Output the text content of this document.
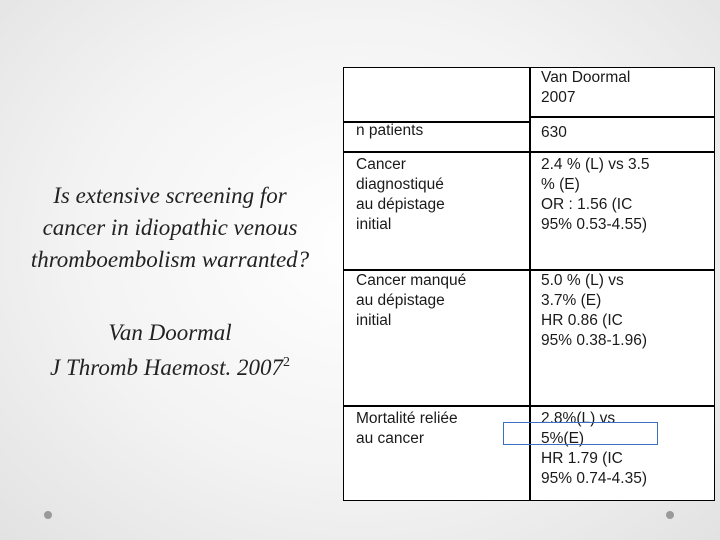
Is extensive screening for
cancer in idiopathic venous
thromboembolism warranted?
Van Doormal
J Thromb Haemost. 2007$^2$
Van Doormal
2007
n patients	630
Cancer
diagnostiqué
au dépistage
initial
2.4 % (L) vs 3.5
% (E)
OR : 1.56 (IC
95% 0.53-4.55)
Cancer manqué
au dépistage
initial
5.0 % (L) vs
3.7% (E)
HR 0.86 (IC
95% 0.38-1.96)
Mortalité reliée
au cancer
2.8%(L) vs
5%(E)
HR 1.79 (IC
95% 0.74-4.35)
